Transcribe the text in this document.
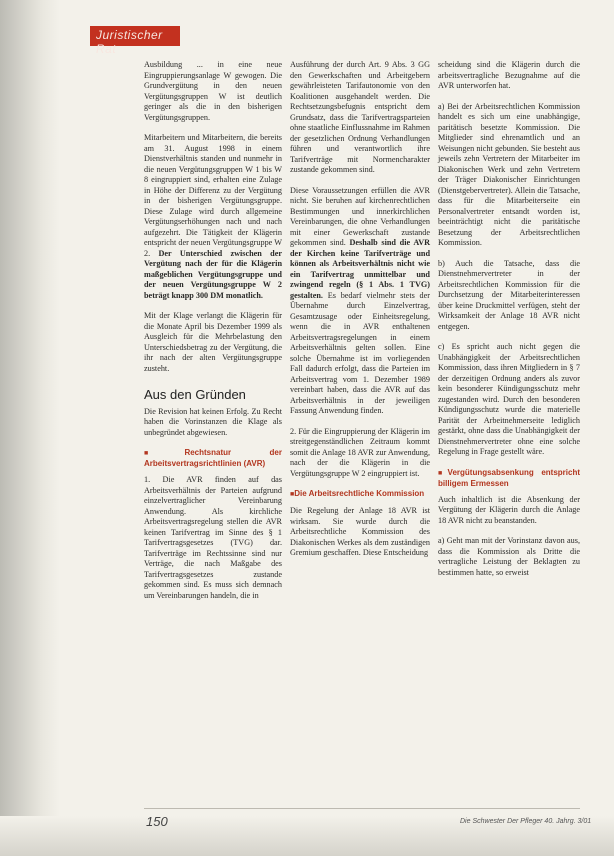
Juristischer Rat

Ausbildung ... in eine neue Eingruppierungsanlage W gewogen. Die Grundvergütung in den neuen Vergütungsgruppen W ist deutlich geringer als die in den bisherigen Vergütungsgruppen.

Mitarbeitern und Mitarbeitern, die bereits am 31. August 1998 in einem Dienstverhältnis standen und nunmehr in die neuen Vergütungsgruppen W 1 bis W 8 eingruppiert sind, erhalten eine Zulage in Höhe der Differenz zu der Vergütung in der bisherigen Vergütungsgruppe. Diese Zulage wird durch allgemeine Vergütungserhöhungen nach und nach aufgezehrt. Die Tätigkeit der Klägerin entspricht der neuen Vergütungsgruppe W 2. Der Unterschied zwischen der Vergütung nach der für die Klägerin maßgeblichen Vergütungsgruppe und der neuen Vergütungsgruppe W 2 beträgt knapp 300 DM monatlich.

Mit der Klage verlangt die Klägerin für die Monate April bis Dezember 1999 als Ausgleich für die Mehrbelastung den Unterschiedsbetrag zu der Vergütung, die ihr nach der alten Vergütungsgruppe zusteht.

Aus den Gründen

Die Revision hat keinen Erfolg. Zu Recht haben die Vorinstanzen die Klage als unbegründet abgewiesen.

■ Rechtsnatur der Arbeitsvertragsrichtlinien (AVR)

1. Die AVR finden auf das Arbeitsverhältnis der Parteien aufgrund einzelvertraglicher Vereinbarung Anwendung. Als kirchliche Arbeitsvertragsregelung stellen die AVR keinen Tarifvertrag im Sinne des § 1 Tarifvertragsgesetzes (TVG) dar. Tarifverträge im Rechtssinne sind nur Verträge, die nach Maßgabe des Tarifvertragsgesetzes zustande gekommen sind. Es muss sich demnach um Vereinbarungen handeln, die in

Ausführung der durch Art. 9 Abs. 3 GG den Gewerkschaften und Arbeitgebern gewährleisteten Tarifautonomie von den Koalitionen ausgehandelt werden. Die Rechtsetzungsbefugnis entspricht dem Grundsatz, dass die Tarifvertragsparteien ohne staatliche Einflussnahme im Rahmen der gesetzlichen Ordnung Verhandlungen führen und verantwortlich ihre Tarifverträge mit Normencharakter zustande gekommen sind.

Diese Voraussetzungen erfüllen die AVR nicht. Sie beruhen auf kirchenrechtlichen Bestimmungen und innerkirchlichen Vereinbarungen, die ohne Verhandlungen mit einer Gewerkschaft zustande gekommen sind. Deshalb sind die AVR der Kirchen keine Tarifverträge und können als Arbeitsverhältnis nicht wie ein Tarifvertrag unmittelbar und zwingend regeln (§ 1 Abs. 1 TVG) gestalten. Es bedarf vielmehr stets der Übernahme durch Einzelvertrag, Gesamtzusage oder Einheitsregelung, wenn die in AVR enthaltenen Arbeitsvertragsregelungen in einem Arbeitsverhältnis gelten sollen. Eine solche Übernahme ist im vorliegenden Fall dadurch erfolgt, dass die Parteien im Arbeitsvertrag vom 1. Dezember 1989 vereinbart haben, dass die AVR auf das Arbeitsverhältnis in der jeweiligen Fassung Anwendung finden.

2. Für die Eingruppierung der Klägerin im streitgegenständlichen Zeitraum kommt somit die Anlage 18 AVR zur Anwendung, nach der die Klägerin in die Vergütungsgruppe W 2 eingruppiert ist.

■ Die Arbeitsrechtliche Kommission

Die Regelung der Anlage 18 AVR ist wirksam. Sie wurde durch die Arbeitsrechtliche Kommission des Diakonischen Werkes als dem zuständigen Gremium geschaffen. Diese Entscheidung

scheidung sind die Klägerin durch die arbeitsvertragliche Bezugnahme auf die AVR unterworfen hat.

a) Bei der Arbeitsrechtlichen Kommission handelt es sich um eine unabhängige, paritätisch besetzte Kommission. Die Mitglieder sind ehrenamtlich und an Weisungen nicht gebunden. Sie besteht aus jeweils zehn Vertretern der Mitarbeiter im Diakonischen Werk und zehn Vertretern der Träger Diakonischer Einrichtungen (Dienstgebervertreter). Allein die Tatsache, dass für die Mitarbeiterseite ein Personalvertreter entsandt worden ist, beeinträchtigt nicht die paritätische Besetzung der Arbeitsrechtlichen Kommission.

b) Auch die Tatsache, dass die Dienstnehmervertreter in der Arbeitsrechtlichen Kommission für die Durchsetzung der Mitarbeiterinteressen über keine Druckmittel verfügen, steht der Wirksamkeit der Anlage 18 AVR nicht entgegen.

c) Es spricht auch nicht gegen die Unabhängigkeit der Arbeitsrechtlichen Kommission, dass ihren Mitgliedern in § 7 der derzeitigen Ordnung anders als zuvor kein besonderer Kündigungsschutz mehr zugestanden wird. Durch den besonderen Kündigungsschutz wurde die materielle Parität der Arbeitnehmerseite lediglich gestärkt, ohne dass die Unabhängigkeit der Dienstnehmervertreter ohne eine solche Regelung in Frage gestellt wäre.

■ Vergütungsabsenkung entspricht billigem Ermessen

Auch inhaltlich ist die Absenkung der Vergütung der Klägerin durch die Anlage 18 AVR nicht zu beanstanden.

a) Geht man mit der Vorinstanz davon aus, dass die Kommission als Dritte die vertragliche Leistung der Beklagten zu bestimmen hatte, so erweist

150	Die Schwester Der Pfleger 40. Jahrg. 3/01
